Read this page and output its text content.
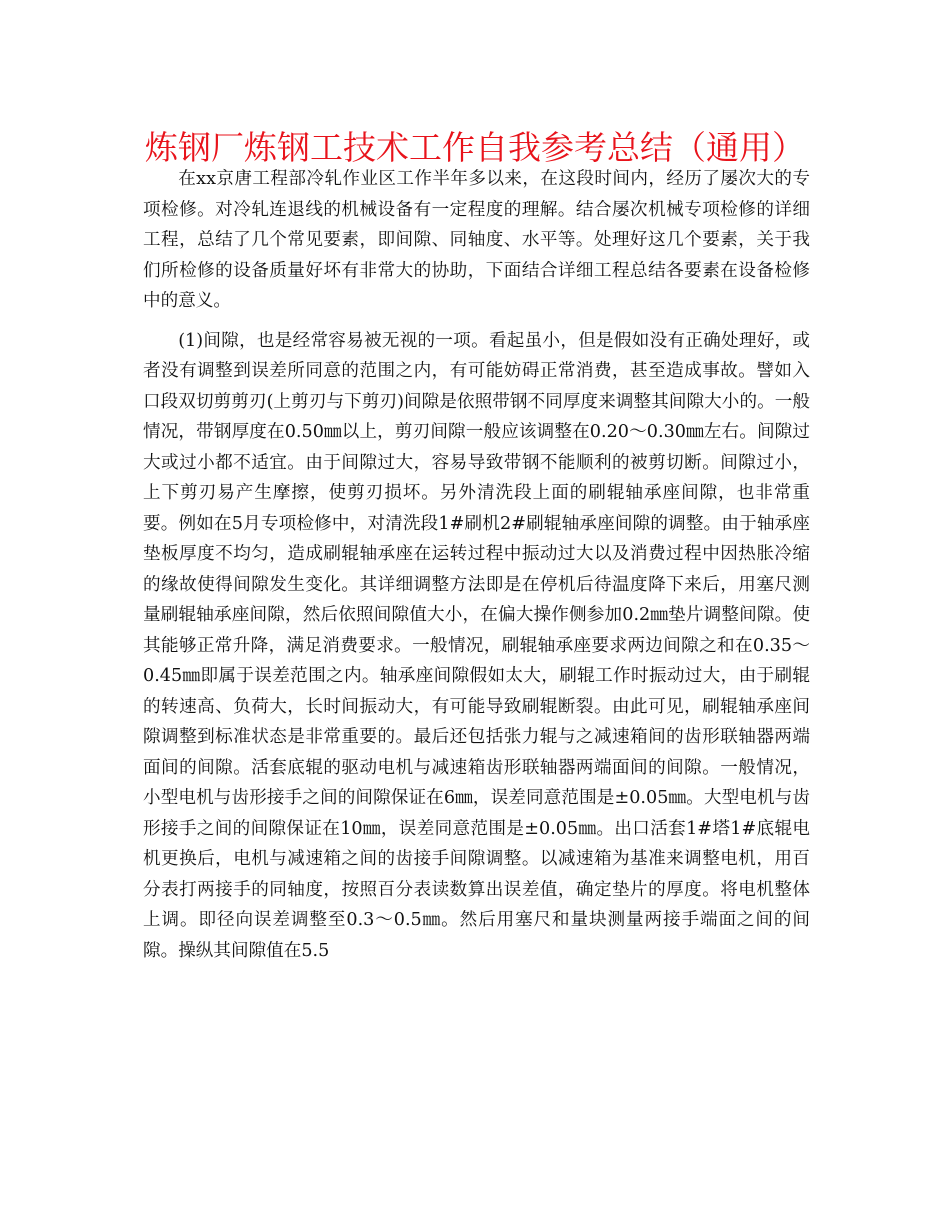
炼钢厂炼钢工技术工作自我参考总结（通用）

在xx京唐工程部冷轧作业区工作半年多以来，在这段时间内，经历了屡次大的专项检修。对冷轧连退线的机械设备有一定程度的理解。结合屡次机械专项检修的详细工程，总结了几个常见要素，即间隙、同轴度、水平等。处理好这几个要素，关于我们所检修的设备质量好坏有非常大的协助，下面结合详细工程总结各要素在设备检修中的意义。

(1)间隙，也是经常容易被无视的一项。看起虽小，但是假如没有正确处理好，或者没有调整到误差所同意的范围之内，有可能妨碍正常消费，甚至造成事故。譬如入口段双切剪剪刃(上剪刃与下剪刃)间隙是依照带钢不同厚度来调整其间隙大小的。一般情况，带钢厚度在0.50㎜以上，剪刃间隙一般应该调整在0.20～0.30㎜左右。间隙过大或过小都不适宜。由于间隙过大，容易导致带钢不能顺利的被剪切断。间隙过小，上下剪刃易产生摩擦，使剪刃损坏。另外清洗段上面的刷辊轴承座间隙，也非常重要。例如在5月专项检修中，对清洗段1#刷机2#刷辊轴承座间隙的调整。由于轴承座垫板厚度不均匀，造成刷辊轴承座在运转过程中振动过大以及消费过程中因热胀冷缩的缘故使得间隙发生变化。其详细调整方法即是在停机后待温度降下来后，用塞尺测量刷辊轴承座间隙，然后依照间隙值大小，在偏大操作侧参加0.2㎜垫片调整间隙。使其能够正常升降，满足消费要求。一般情况，刷辊轴承座要求两边间隙之和在0.35～0.45㎜即属于误差范围之内。轴承座间隙假如太大，刷辊工作时振动过大，由于刷辊的转速高、负荷大，长时间振动大，有可能导致刷辊断裂。由此可见，刷辊轴承座间隙调整到标准状态是非常重要的。最后还包括张力辊与之减速箱间的齿形联轴器两端面间的间隙。活套底辊的驱动电机与减速箱齿形联轴器两端面间的间隙。一般情况，小型电机与齿形接手之间的间隙保证在6㎜，误差同意范围是±0.05㎜。大型电机与齿形接手之间的间隙保证在10㎜，误差同意范围是±0.05㎜。出口活套1#塔1#底辊电机更换后，电机与减速箱之间的齿接手间隙调整。以减速箱为基准来调整电机，用百分表打两接手的同轴度，按照百分表读数算出误差值，确定垫片的厚度。将电机整体上调。即径向误差调整至0.3～0.5㎜。然后用塞尺和量块测量两接手端面之间的间隙。操纵其间隙值在5.5
